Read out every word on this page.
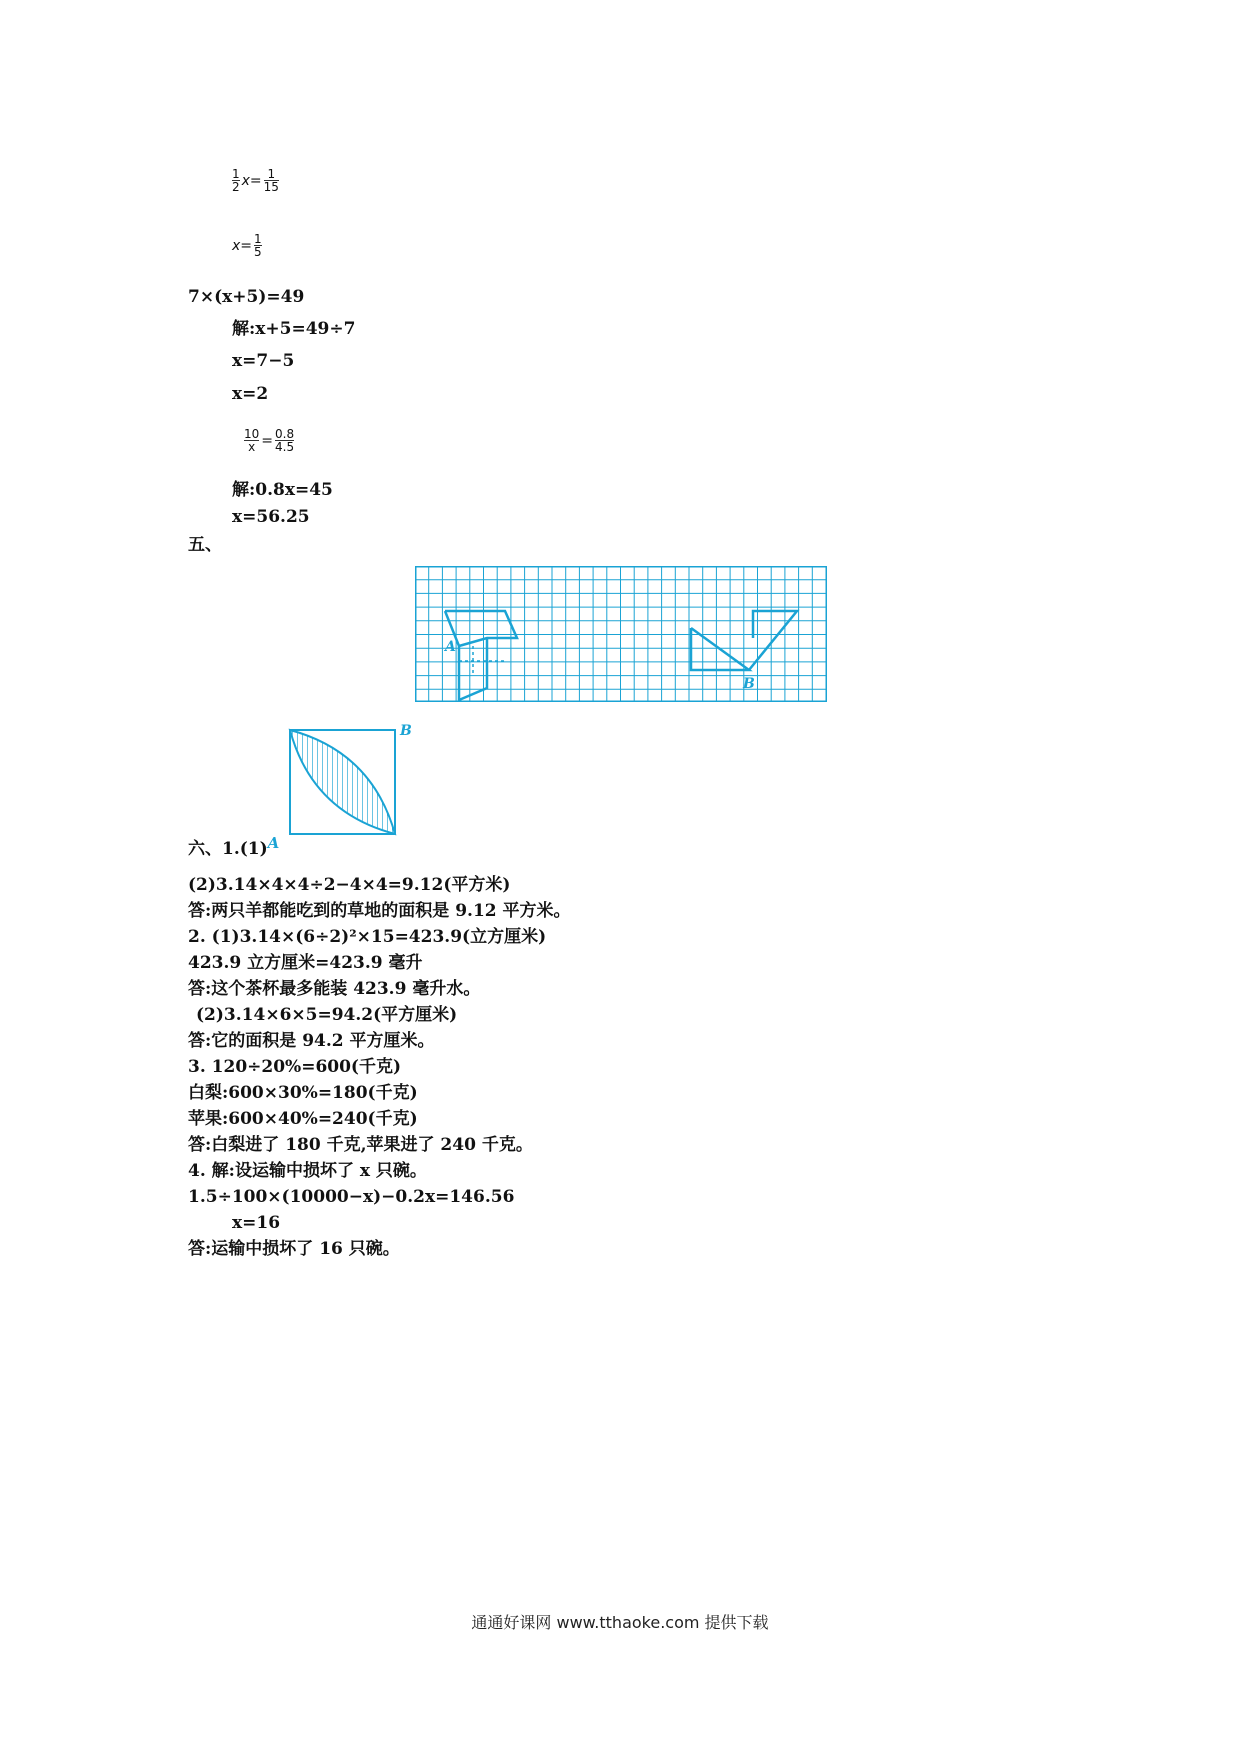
$\frac{1}{2} x= \frac{1}{15}$
$x= \frac{1}{5}$
7×(x+5)=49
解:x+5=49÷7
x=7−5
x=2
$\frac{10}{x} = \frac{0.8}{4.5}$
解:0.8x=45
x=56.25
五、
A
B
B
六、1.(1)A
(2)3.14×4×4÷2−4×4=9.12(平方米)
答:两只羊都能吃到的草地的面积是 9.12 平方米。
2. (1)3.14×(6÷2)²×15=423.9(立方厘米)
423.9 立方厘米=423.9 毫升
答:这个茶杯最多能装 423.9 毫升水。
(2)3.14×6×5=94.2(平方厘米)
答:它的面积是 94.2 平方厘米。
3. 120÷20%=600(千克)
白梨:600×30%=180(千克)
苹果:600×40%=240(千克)
答:白梨进了 180 千克,苹果进了 240 千克。
4. 解:设运输中损坏了 x 只碗。
1.5÷100×(10000−x)−0.2x=146.56
x=16
答:运输中损坏了 16 只碗。
通通好课网 www.tthaoke.com 提供下载
